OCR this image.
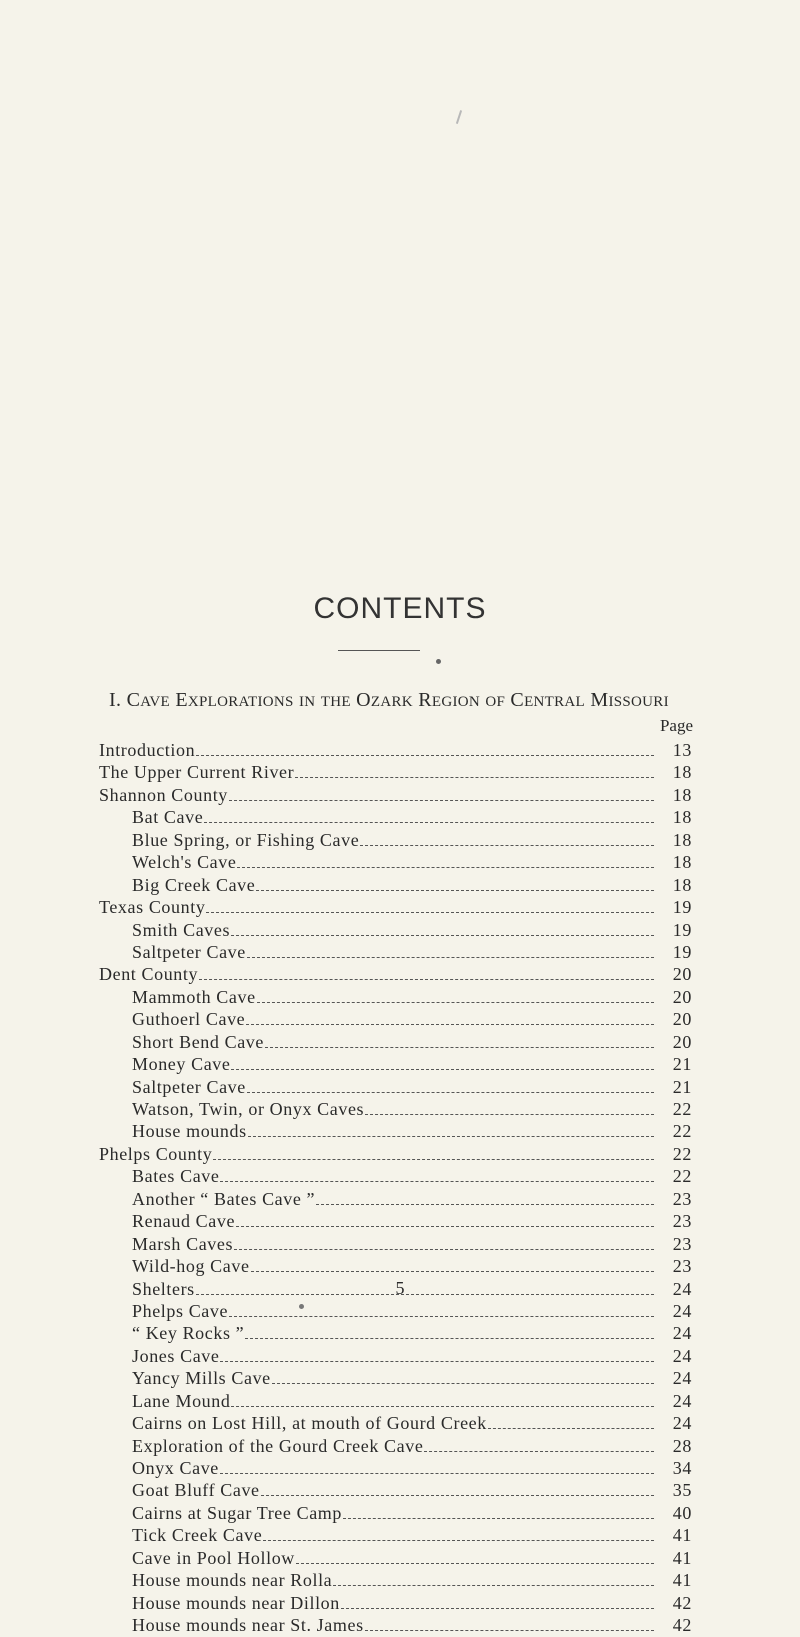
CONTENTS
I. CAVE EXPLORATIONS IN THE OZARK REGION OF CENTRAL MISSOURI
Page
Introduction	13
The Upper Current River	18
Shannon County	18
Bat Cave	18
Blue Spring, or Fishing Cave	18
Welch's Cave	18
Big Creek Cave	18
Texas County	19
Smith Caves	19
Saltpeter Cave	19
Dent County	20
Mammoth Cave	20
Guthoerl Cave	20
Short Bend Cave	20
Money Cave	21
Saltpeter Cave	21
Watson, Twin, or Onyx Caves	22
House mounds	22
Phelps County	22
Bates Cave	22
Another “ Bates Cave ”	23
Renaud Cave	23
Marsh Caves	23
Wild-hog Cave	23
Shelters	24
Phelps Cave	24
“ Key Rocks ”	24
Jones Cave	24
Yancy Mills Cave	24
Lane Mound	24
Cairns on Lost Hill, at mouth of Gourd Creek	24
Exploration of the Gourd Creek Cave	28
Onyx Cave	34
Goat Bluff Cave	35
Cairns at Sugar Tree Camp	40
Tick Creek Cave	41
Cave in Pool Hollow	41
House mounds near Rolla	41
House mounds near Dillon	42
House mounds near St. James	42
5
